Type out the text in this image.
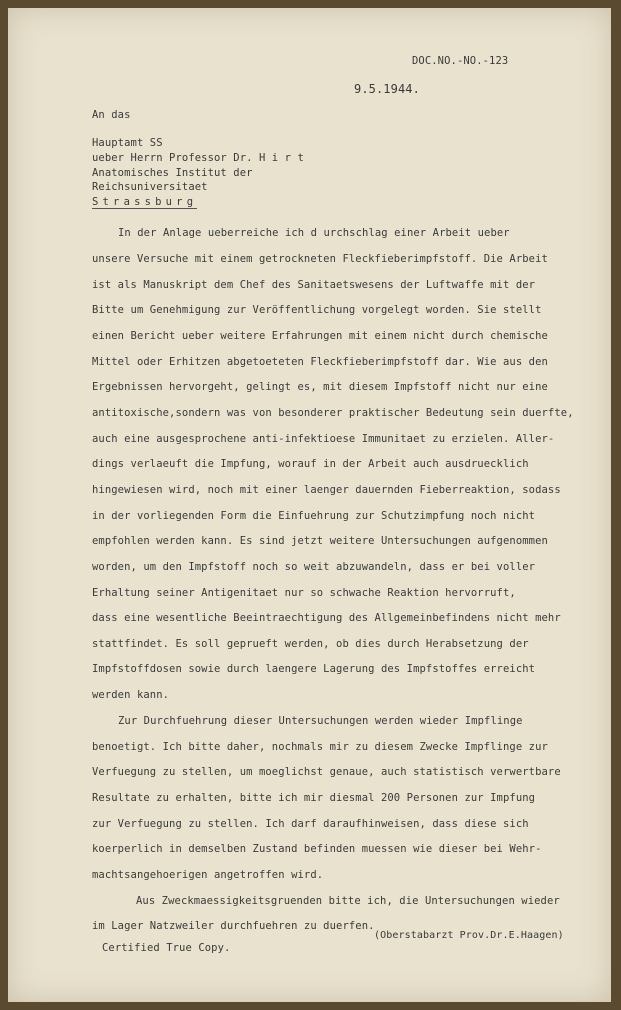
DOC.NO.-NO.-123
9.5.1944.
An das
Hauptamt SS
ueber Herrn Professor Dr. H i r t
Anatomisches Institut der
Reichsuniversitaet
Strassburg
In der Anlage ueberreiche ich d urchschlag einer Arbeit ueber
unsere Versuche mit einem getrockneten Fleckfieberimpfstoff. Die Arbeit
ist als Manuskript dem Chef des Sanitaetswesens der Luftwaffe mit der
Bitte um Genehmigung zur Veröffentlichung vorgelegt worden. Sie stellt
einen Bericht ueber weitere Erfahrungen mit einem nicht durch chemische
Mittel oder Erhitzen abgetoeteten Fleckfieberimpfstoff dar. Wie aus den
Ergebnissen hervorgeht, gelingt es, mit diesem Impfstoff nicht nur eine
antitoxische,sondern was von besonderer praktischer Bedeutung sein duerfte,
auch eine ausgesprochene anti-infektioese Immunitaet zu erzielen. Aller-
dings verlaeuft die Impfung, worauf in der Arbeit auch ausdruecklich
hingewiesen wird, noch mit einer laenger dauernden Fieberreaktion, sodass
in der vorliegenden Form die Einfuehrung zur Schutzimpfung noch nicht
empfohlen werden kann. Es sind jetzt weitere Untersuchungen aufgenommen
worden, um den Impfstoff noch so weit abzuwandeln, dass er bei voller
Erhaltung seiner Antigenitaet nur so schwache Reaktion hervorruft,
dass eine wesentliche Beeintraechtigung des Allgemeinbefindens nicht mehr
stattfindet. Es soll geprueft werden, ob dies durch Herabsetzung der
Impfstoffdosen sowie durch laengere Lagerung des Impfstoffes erreicht
werden kann.
Zur Durchfuehrung dieser Untersuchungen werden wieder Impflinge
benoetigt. Ich bitte daher, nochmals mir zu diesem Zwecke Impflinge zur
Verfuegung zu stellen, um moeglichst genaue, auch statistisch verwertbare
Resultate zu erhalten, bitte ich mir diesmal 200 Personen zur Impfung
zur Verfuegung zu stellen. Ich darf daraufhinweisen, dass diese sich
koerperlich in demselben Zustand befinden muessen wie dieser bei Wehr-
machtsangehoerigen angetroffen wird.
Aus Zweckmaessigkeitsgruenden bitte ich, die Untersuchungen wieder
im Lager Natzweiler durchfuehren zu duerfen.
(Oberstabarzt Prov.Dr.E.Haagen)
Certified True Copy.
